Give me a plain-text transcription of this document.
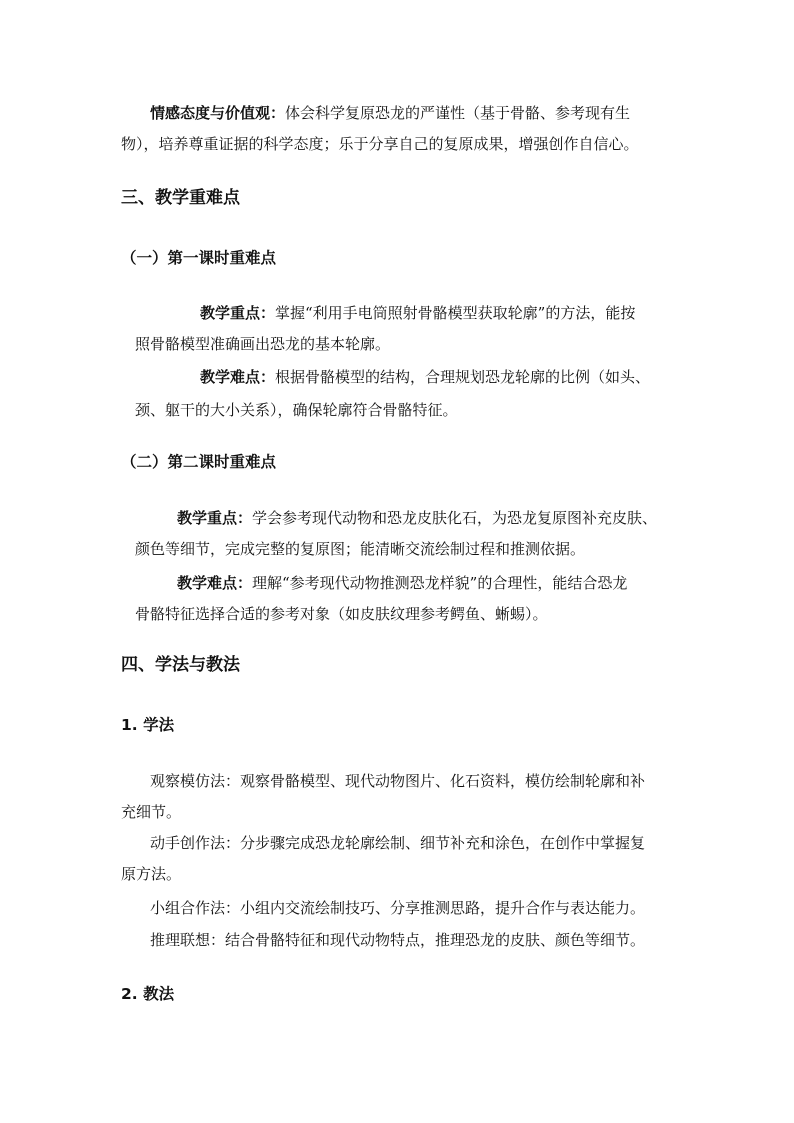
情感态度与价值观：体会科学复原恐龙的严谨性（基于骨骼、参考现有生
物），培养尊重证据的科学态度；乐于分享自己的复原成果，增强创作自信心。
三、教学重难点
（一）第一课时重难点
教学重点：掌握“利用手电筒照射骨骼模型获取轮廓”的方法，能按
照骨骼模型准确画出恐龙的基本轮廓。
教学难点：根据骨骼模型的结构，合理规划恐龙轮廓的比例（如头、
颈、躯干的大小关系），确保轮廓符合骨骼特征。
（二）第二课时重难点
教学重点：学会参考现代动物和恐龙皮肤化石，为恐龙复原图补充皮肤、
颜色等细节，完成完整的复原图；能清晰交流绘制过程和推测依据。
教学难点：理解“参考现代动物推测恐龙样貌”的合理性，能结合恐龙
骨骼特征选择合适的参考对象（如皮肤纹理参考鳄鱼、蜥蜴）。
四、学法与教法
1. 学法
观察模仿法：观察骨骼模型、现代动物图片、化石资料，模仿绘制轮廓和补
充细节。
动手创作法：分步骤完成恐龙轮廓绘制、细节补充和涂色，在创作中掌握复
原方法。
小组合作法：小组内交流绘制技巧、分享推测思路，提升合作与表达能力。
推理联想：结合骨骼特征和现代动物特点，推理恐龙的皮肤、颜色等细节。
2. 教法
